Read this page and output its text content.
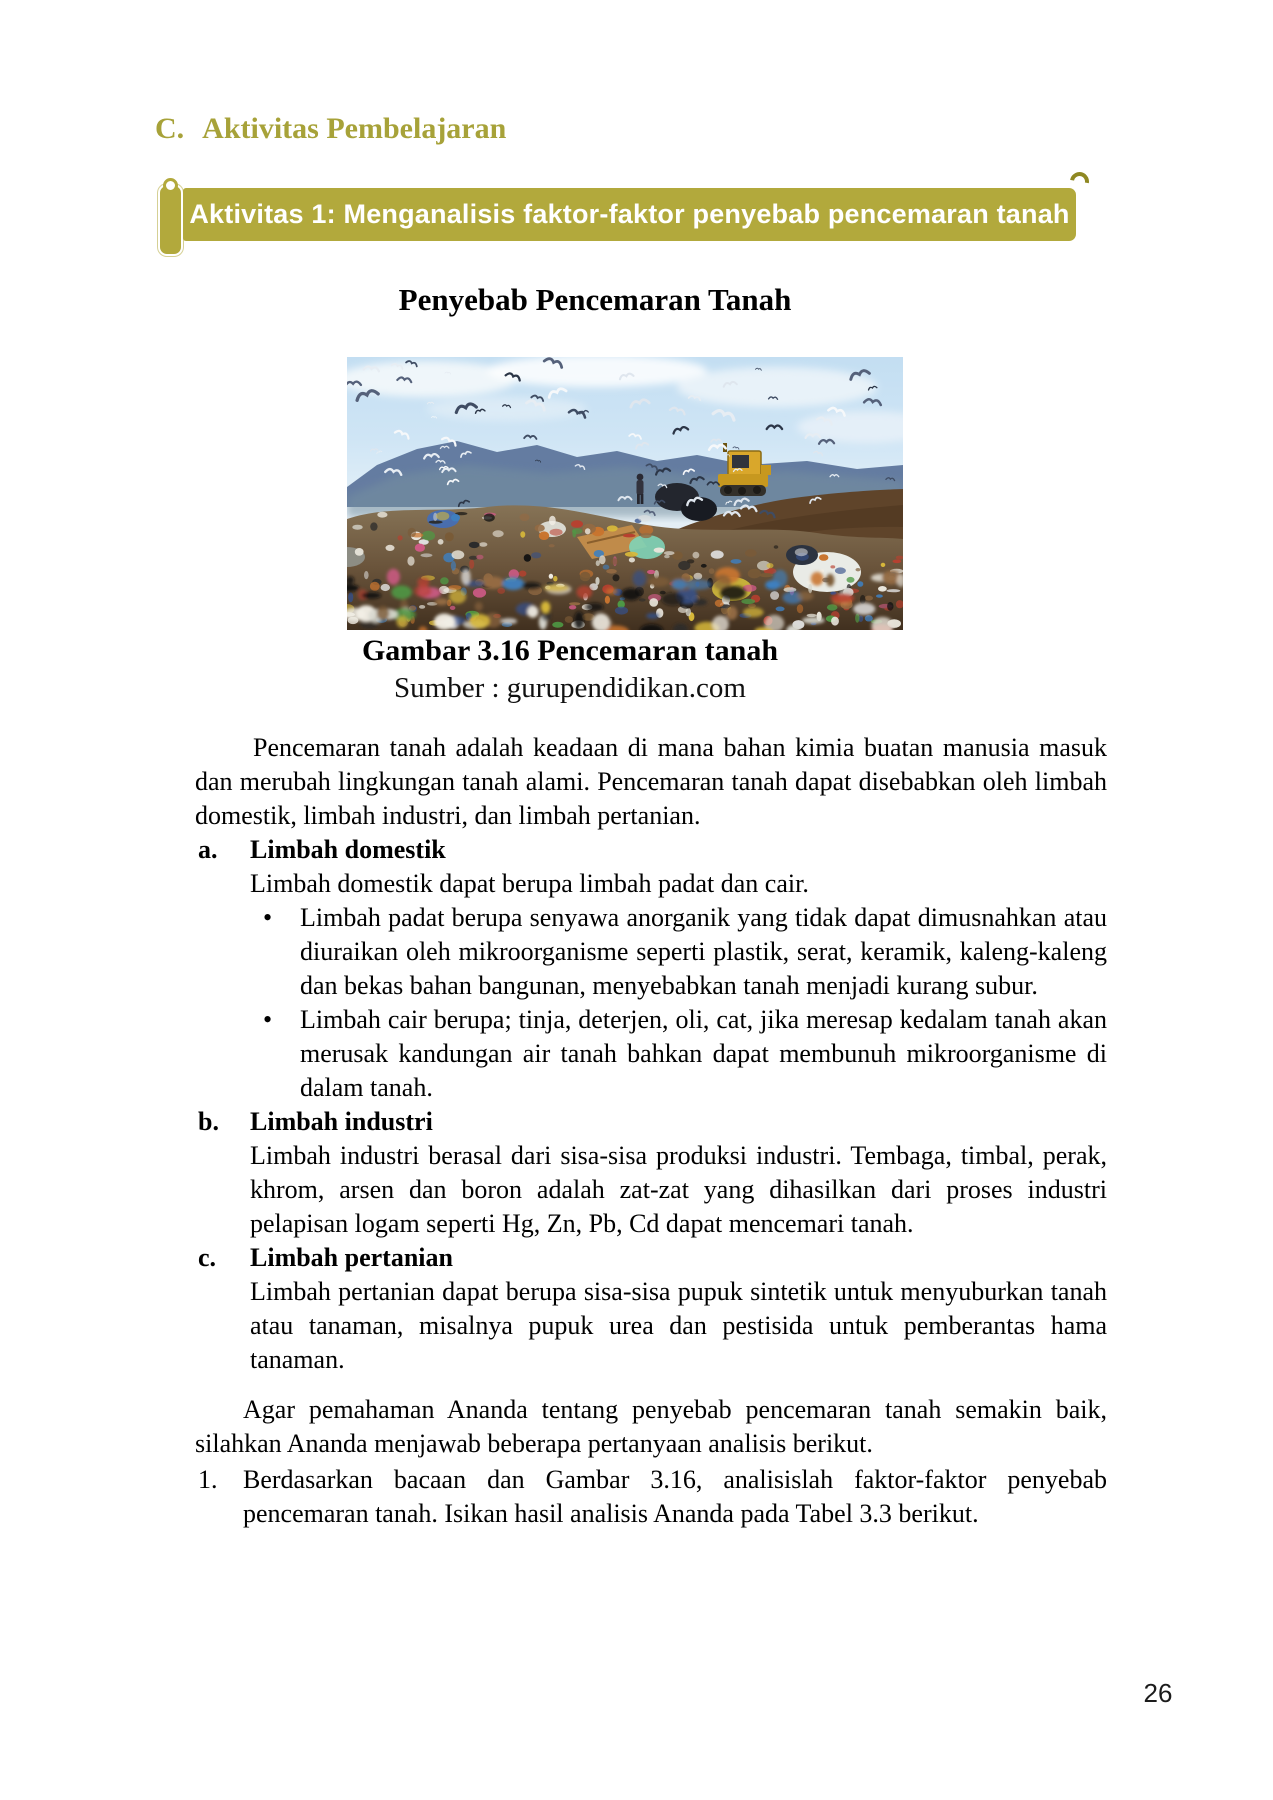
C. Aktivitas Pembelajaran
Aktivitas 1: Menganalisis faktor-faktor penyebab pencemaran tanah
Penyebab Pencemaran Tanah
Gambar 3.16 Pencemaran tanah
Sumber : gurupendidikan.com

Pencemaran tanah adalah keadaan di mana bahan kimia buatan manusia masuk dan merubah lingkungan tanah alami. Pencemaran tanah dapat disebabkan oleh limbah domestik, limbah industri, dan limbah pertanian.

a.	Limbah domestik

Limbah domestik dapat berupa limbah padat dan cair.

•	Limbah padat berupa senyawa anorganik yang tidak dapat dimusnahkan atau diuraikan oleh mikroorganisme seperti plastik, serat, keramik, kaleng-kaleng dan bekas bahan bangunan, menyebabkan tanah menjadi kurang subur.

•	Limbah cair berupa; tinja, deterjen, oli, cat, jika meresap kedalam tanah akan merusak kandungan air tanah bahkan dapat membunuh mikroorganisme di dalam tanah.

b.	Limbah industri

Limbah industri berasal dari sisa-sisa produksi industri. Tembaga, timbal, perak, khrom, arsen dan boron adalah zat-zat yang dihasilkan dari proses industri pelapisan logam seperti Hg, Zn, Pb, Cd dapat mencemari tanah.

c.	Limbah pertanian

Limbah pertanian dapat berupa sisa-sisa pupuk sintetik untuk menyuburkan tanah atau tanaman, misalnya pupuk urea dan pestisida untuk pemberantas hama tanaman.

Agar pemahaman Ananda tentang penyebab pencemaran tanah semakin baik, silahkan Ananda menjawab beberapa pertanyaan analisis berikut.

1. Berdasarkan bacaan dan Gambar 3.16, analisislah faktor-faktor penyebab pencemaran tanah. Isikan hasil analisis Ananda pada Tabel 3.3 berikut.

26
